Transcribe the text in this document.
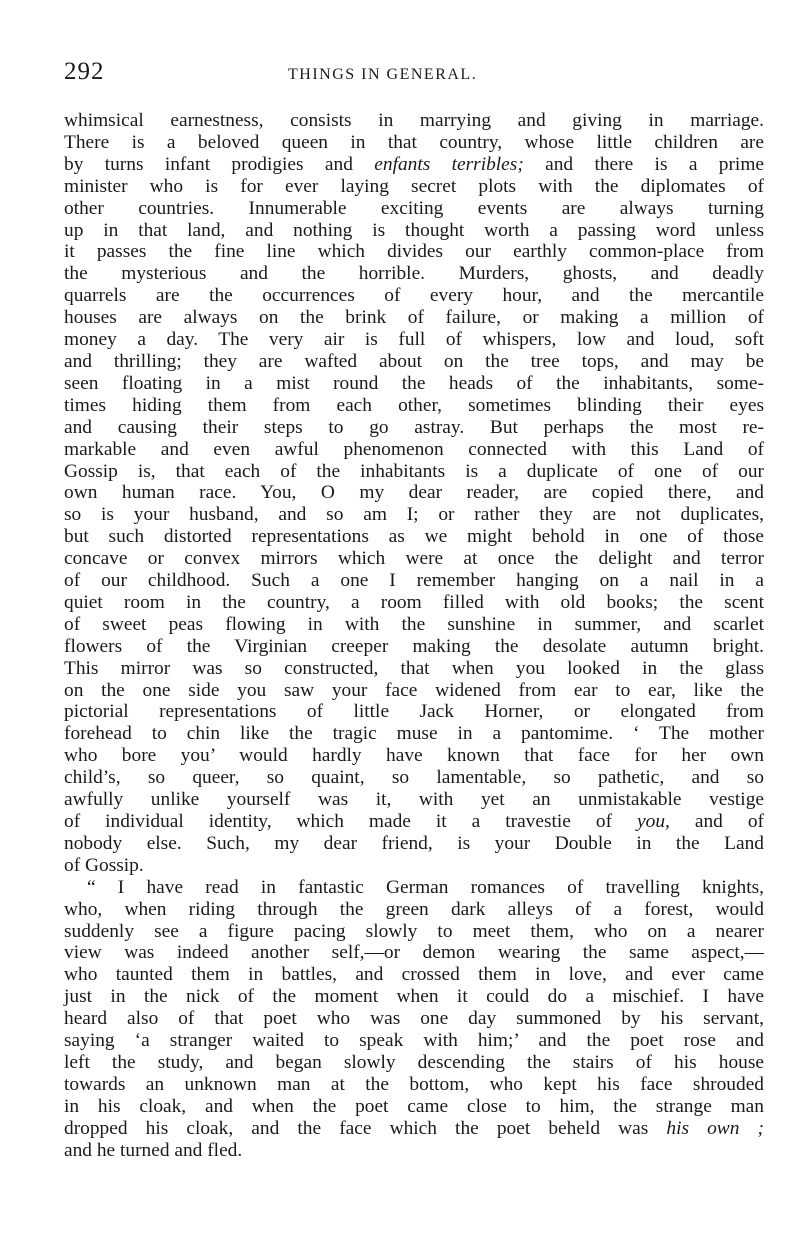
292	THINGS IN GENERAL.
whimsical earnestness, consists in marrying and giving in marriage.
There is a beloved queen in that country, whose little children are
by turns infant prodigies and enfants terribles; and there is a prime
minister who is for ever laying secret plots with the diplomates of
other countries. Innumerable exciting events are always turning
up in that land, and nothing is thought worth a passing word unless
it passes the fine line which divides our earthly common-place from
the mysterious and the horrible. Murders, ghosts, and deadly
quarrels are the occurrences of every hour, and the mercantile
houses are always on the brink of failure, or making a million of
money a day. The very air is full of whispers, low and loud, soft
and thrilling; they are wafted about on the tree tops, and may be
seen floating in a mist round the heads of the inhabitants, some-
times hiding them from each other, sometimes blinding their eyes
and causing their steps to go astray. But perhaps the most re-
markable and even awful phenomenon connected with this Land of
Gossip is, that each of the inhabitants is a duplicate of one of our
own human race. You, O my dear reader, are copied there, and
so is your husband, and so am I; or rather they are not duplicates,
but such distorted representations as we might behold in one of those
concave or convex mirrors which were at once the delight and terror
of our childhood. Such a one I remember hanging on a nail in a
quiet room in the country, a room filled with old books; the scent
of sweet peas flowing in with the sunshine in summer, and scarlet
flowers of the Virginian creeper making the desolate autumn bright.
This mirror was so constructed, that when you looked in the glass
on the one side you saw your face widened from ear to ear, like the
pictorial representations of little Jack Horner, or elongated from
forehead to chin like the tragic muse in a pantomime. ‘ The mother
who bore you’ would hardly have known that face for her own
child’s, so queer, so quaint, so lamentable, so pathetic, and so
awfully unlike yourself was it, with yet an unmistakable vestige
of individual identity, which made it a travestie of you, and of
nobody else. Such, my dear friend, is your Double in the Land
of Gossip.
“ I have read in fantastic German romances of travelling knights,
who, when riding through the green dark alleys of a forest, would
suddenly see a figure pacing slowly to meet them, who on a nearer
view was indeed another self,—or demon wearing the same aspect,—
who taunted them in battles, and crossed them in love, and ever came
just in the nick of the moment when it could do a mischief. I have
heard also of that poet who was one day summoned by his servant,
saying ‘a stranger waited to speak with him;’ and the poet rose and
left the study, and began slowly descending the stairs of his house
towards an unknown man at the bottom, who kept his face shrouded
in his cloak, and when the poet came close to him, the strange man
dropped his cloak, and the face which the poet beheld was his own ;
and he turned and fled.
